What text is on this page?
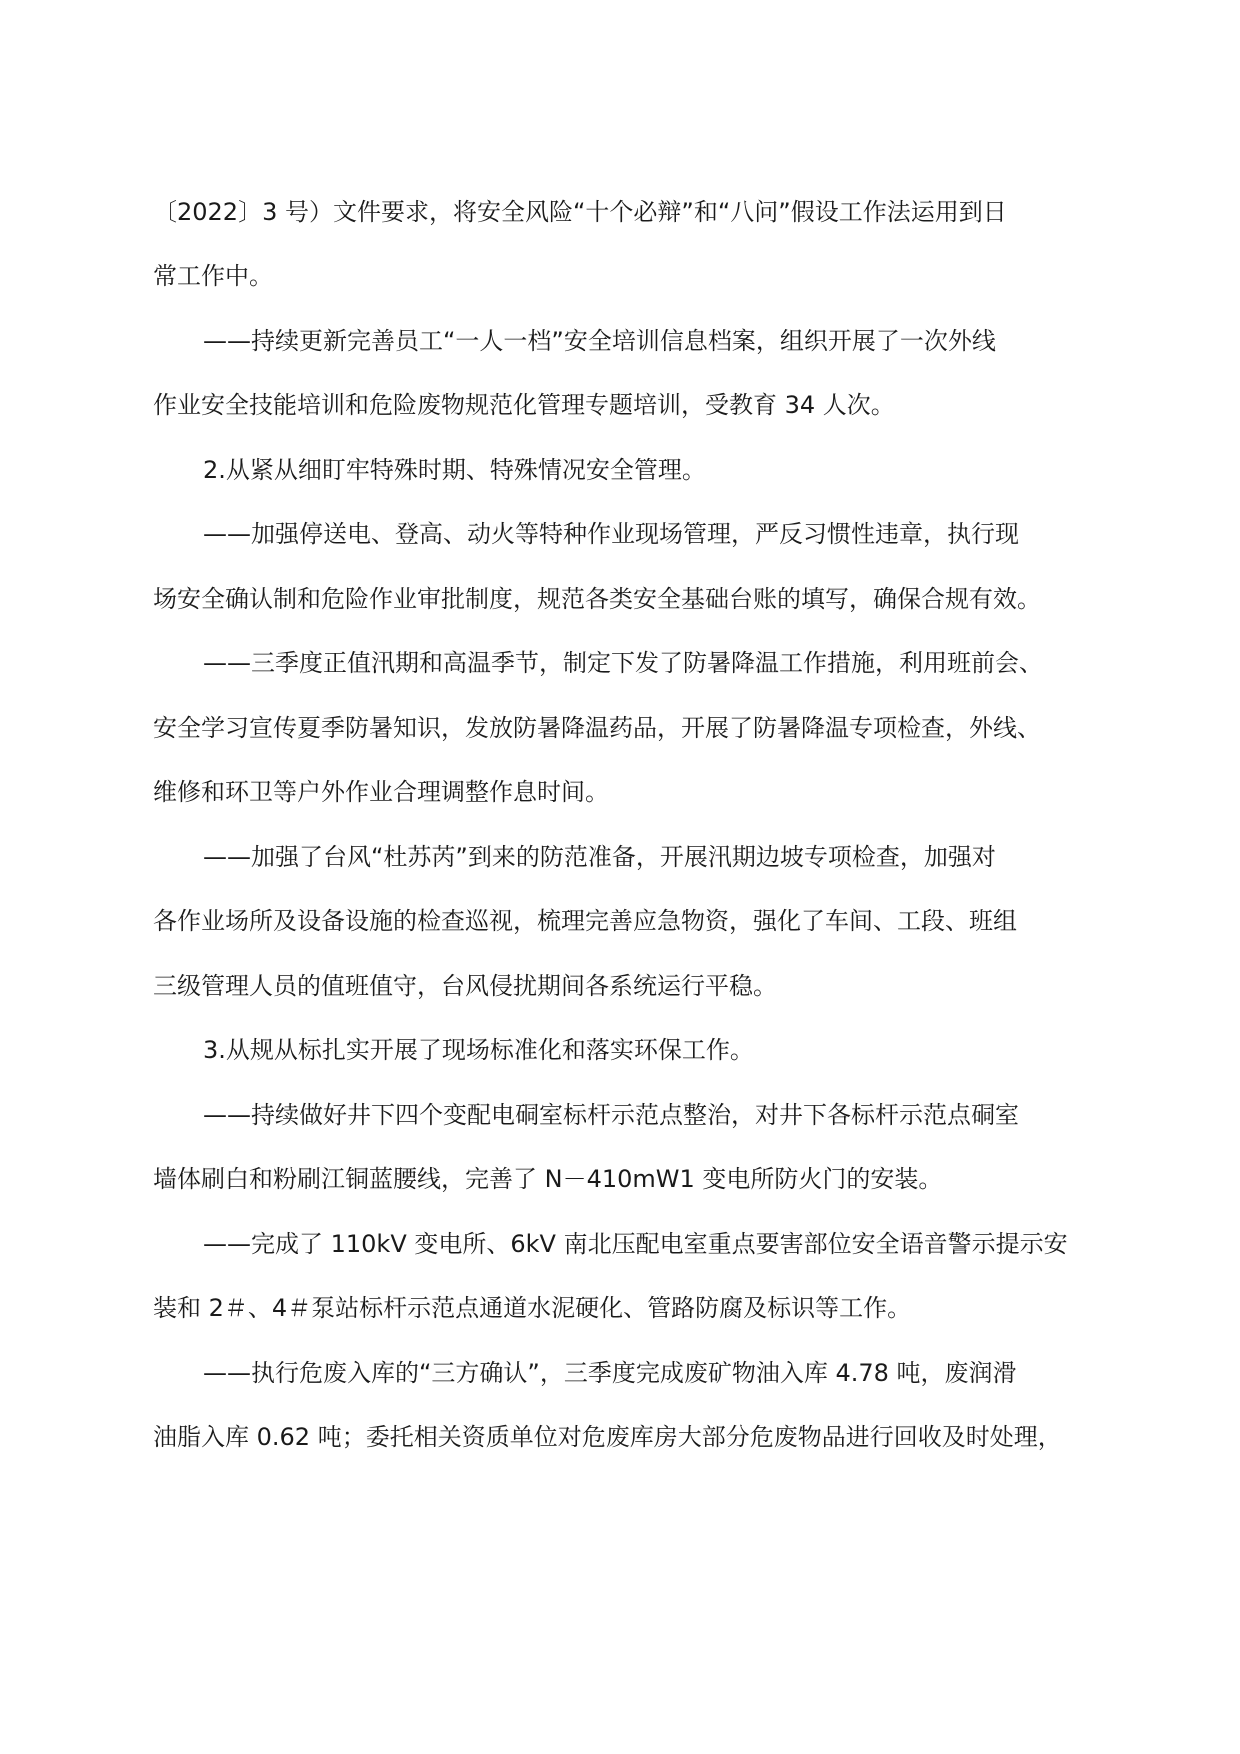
〔2022〕3 号）文件要求，将安全风险“十个必辩”和“八问”假设工作法运用到日
常工作中。
——持续更新完善员工“一人一档”安全培训信息档案，组织开展了一次外线
作业安全技能培训和危险废物规范化管理专题培训，受教育 34 人次。
2.从紧从细盯牢特殊时期、特殊情况安全管理。
——加强停送电、登高、动火等特种作业现场管理，严反习惯性违章，执行现
场安全确认制和危险作业审批制度，规范各类安全基础台账的填写，确保合规有效。
——三季度正值汛期和高温季节，制定下发了防暑降温工作措施，利用班前会、
安全学习宣传夏季防暑知识，发放防暑降温药品，开展了防暑降温专项检查，外线、
维修和环卫等户外作业合理调整作息时间。
——加强了台风“杜苏芮”到来的防范准备，开展汛期边坡专项检查，加强对
各作业场所及设备设施的检查巡视，梳理完善应急物资，强化了车间、工段、班组
三级管理人员的值班值守，台风侵扰期间各系统运行平稳。
3.从规从标扎实开展了现场标准化和落实环保工作。
——持续做好井下四个变配电硐室标杆示范点整治，对井下各标杆示范点硐室
墙体刷白和粉刷江铜蓝腰线，完善了 N－410mW1 变电所防火门的安装。
——完成了 110kV 变电所、6kV 南北压配电室重点要害部位安全语音警示提示安
装和 2＃、4＃泵站标杆示范点通道水泥硬化、管路防腐及标识等工作。
——执行危废入库的“三方确认”，三季度完成废矿物油入库 4.78 吨，废润滑
油脂入库 0.62 吨；委托相关资质单位对危废库房大部分危废物品进行回收及时处理，
